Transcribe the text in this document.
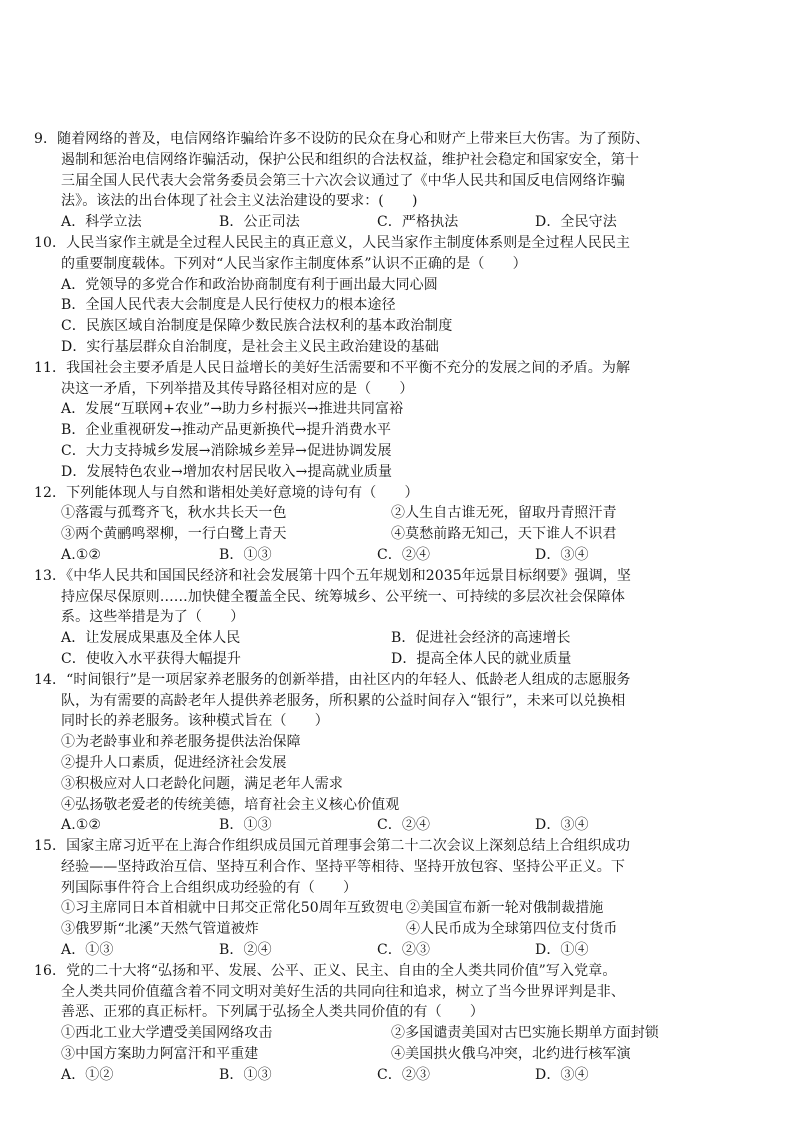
9．随着网络的普及，电信网络诈骗给许多不设防的民众在身心和财产上带来巨大伤害。为了预防、
遏制和惩治电信网络诈骗活动，保护公民和组织的合法权益，维护社会稳定和国家安全，第十
三届全国人民代表大会常务委员会第三十六次会议通过了《中华人民共和国反电信网络诈骗
法》。该法的出台体现了社会主义法治建设的要求：(　　)
A．科学立法	B．公正司法	C．严格执法	D．全民守法
10．人民当家作主就是全过程人民民主的真正意义，人民当家作主制度体系则是全过程人民民主
的重要制度载体。下列对“人民当家作主制度体系”认识不正确的是（　　）
A．党领导的多党合作和政治协商制度有利于画出最大同心圆
B．全国人民代表大会制度是人民行使权力的根本途径
C．民族区域自治制度是保障少数民族合法权利的基本政治制度
D．实行基层群众自治制度，是社会主义民主政治建设的基础
11．我国社会主要矛盾是人民日益增长的美好生活需要和不平衡不充分的发展之间的矛盾。为解
决这一矛盾，下列举措及其传导路径相对应的是（　　）
A．发展“互联网+农业”→助力乡村振兴→推进共同富裕
B．企业重视研发→推动产品更新换代→提升消费水平
C．大力支持城乡发展→消除城乡差异→促进协调发展
D．发展特色农业→增加农村居民收入→提高就业质量
12．下列能体现人与自然和谐相处美好意境的诗句有（　　）
①落霞与孤骛齐飞，秋水共长天一色	②人生自古谁无死，留取丹青照汗青
③两个黄鹂鸣翠柳，一行白鹭上青天	④莫愁前路无知己，天下谁人不识君
A.①②	B．①③	C．②④	D．③④
13．《中华人民共和国国民经济和社会发展第十四个五年规划和2035年远景目标纲要》强调，坚
持应保尽保原则……加快健全覆盖全民、统筹城乡、公平统一、可持续的多层次社会保障体
系。这些举措是为了（　　）
A．让发展成果惠及全体人民	B．促进社会经济的高速增长
C．使收入水平获得大幅提升	D．提高全体人民的就业质量
14．“时间银行”是一项居家养老服务的创新举措，由社区内的年轻人、低龄老人组成的志愿服务
队，为有需要的高龄老年人提供养老服务，所积累的公益时间存入“银行”，未来可以兑换相
同时长的养老服务。该种模式旨在（　　）
①为老龄事业和养老服务提供法治保障
②提升人口素质，促进经济社会发展
③积极应对人口老龄化问题，满足老年人需求
④弘扬敬老爱老的传统美德，培育社会主义核心价值观
A.①②	B．①③	C．②④	D．③④
15．国家主席习近平在上海合作组织成员国元首理事会第二十二次会议上深刻总结上合组织成功
经验——坚持政治互信、坚持互利合作、坚持平等相待、坚持开放包容、坚持公平正义。下
列国际事件符合上合组织成功经验的有（　　）
①习主席同日本首相就中日邦交正常化50周年互致贺电 ②美国宣布新一轮对俄制裁措施
③俄罗斯“北溪”天然气管道被炸	④人民币成为全球第四位支付货币
A．①③	B．②④	C．②③	D．①④
16．党的二十大将“弘扬和平、发展、公平、正义、民主、自由的全人类共同价值”写入党章。
全人类共同价值蕴含着不同文明对美好生活的共同向往和追求，树立了当今世界评判是非、
善恶、正邪的真正标杆。下列属于弘扬全人类共同价值的有（　　）
①西北工业大学遭受美国网络攻击	②多国谴责美国对古巴实施长期单方面封锁
③中国方案助力阿富汗和平重建	④美国拱火俄乌冲突，北约进行核军演
A．①②	B．①③	C．②③	D．③④
